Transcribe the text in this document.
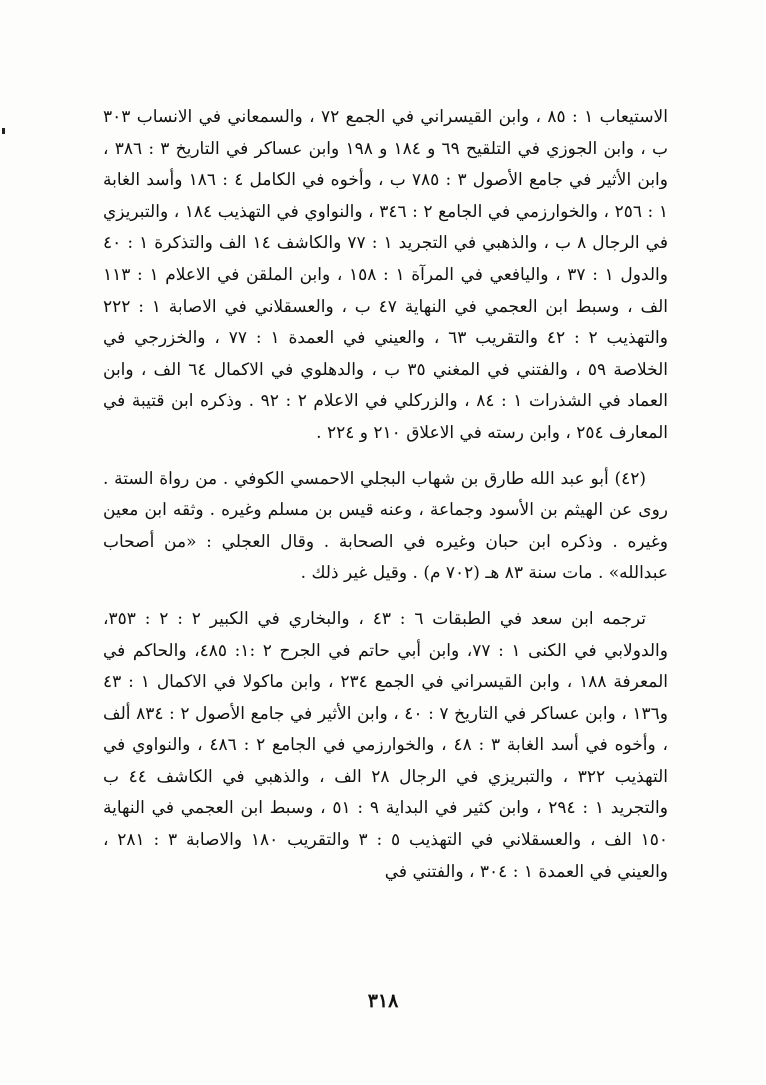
الاستيعاب ١ : ٨٥ ، وابن القيسراني في الجمع ٧٢ ، والسمعاني في الانساب ٣٠٣ ب ، وابن الجوزي في التلقيح ٦٩ و ١٨٤ و ١٩٨ وابن عساكر في التاريخ ٣ : ٣٨٦ ، وابن الأثير في جامع الأصول ٣ : ٧٨٥ ب ، وأخوه في الكامل ٤ : ١٨٦ وأسد الغابة ١ : ٢٥٦ ، والخوارزمي في الجامع ٢ : ٣٤٦ ، والنواوي في التهذيب ١٨٤ ، والتبريزي في الرجال ٨ ب ، والذهبي في التجريد ١ : ٧٧ والكاشف ١٤ الف والتذكرة ١ : ٤٠ والدول ١ : ٣٧ ، واليافعي في المرآة ١ : ١٥٨ ، وابن الملقن في الاعلام ١ : ١١٣ الف ، وسبط ابن العجمي في النهاية ٤٧ ب ، والعسقلاني في الاصابة ١ : ٢٢٢ والتهذيب ٢ : ٤٢ والتقريب ٦٣ ، والعيني في العمدة ١ : ٧٧ ، والخزرجي في الخلاصة ٥٩ ، والفتني في المغني ٣٥ ب ، والدهلوي في الاكمال ٦٤ الف ، وابن العماد في الشذرات ١ : ٨٤ ، والزركلي في الاعلام ٢ : ٩٢ . وذكره ابن قتيبة في المعارف ٢٥٤ ، وابن رسته في الاعلاق ٢١٠ و ٢٢٤ .

(٤٢) أبو عبد الله طارق بن شهاب البجلي الاحمسي الكوفي . من رواة الستة . روى عن الهيثم بن الأسود وجماعة ، وعنه قيس بن مسلم وغيره . وثقه ابن معين وغيره . وذكره ابن حبان وغيره في الصحابة . وقال العجلي : «من أصحاب عبدالله» . مات سنة ٨٣ هـ (٧٠٢ م) . وقيل غير ذلك .

ترجمه ابن سعد في الطبقات ٦ : ٤٣ ، والبخاري في الكبير ٢ : ٢ : ٣٥٣، والدولابي في الكنى ١ : ٧٧، وابن أبي حاتم في الجرح ٢ :١: ٤٨٥، والحاكم في المعرفة ١٨٨ ، وابن القيسراني في الجمع ٢٣٤ ، وابن ماكولا في الاكمال ١ : ٤٣ و١٣٦ ، وابن عساكر في التاريخ ٧ : ٤٠ ، وابن الأثير في جامع الأصول ٢ : ٨٣٤ ألف ، وأخوه في أسد الغابة ٣ : ٤٨ ، والخوارزمي في الجامع ٢ : ٤٨٦ ، والنواوي في التهذيب ٣٢٢ ، والتبريزي في الرجال ٢٨ الف ، والذهبي في الكاشف ٤٤ ب والتجريد ١ : ٢٩٤ ، وابن كثير في البداية ٩ : ٥١ ، وسبط ابن العجمي في النهاية ١٥٠ الف ، والعسقلاني في التهذيب ٥ : ٣ والتقريب ١٨٠ والاصابة ٣ : ٢٨١ ، والعيني في العمدة ١ : ٣٠٤ ، والفتني في

٣١٨
